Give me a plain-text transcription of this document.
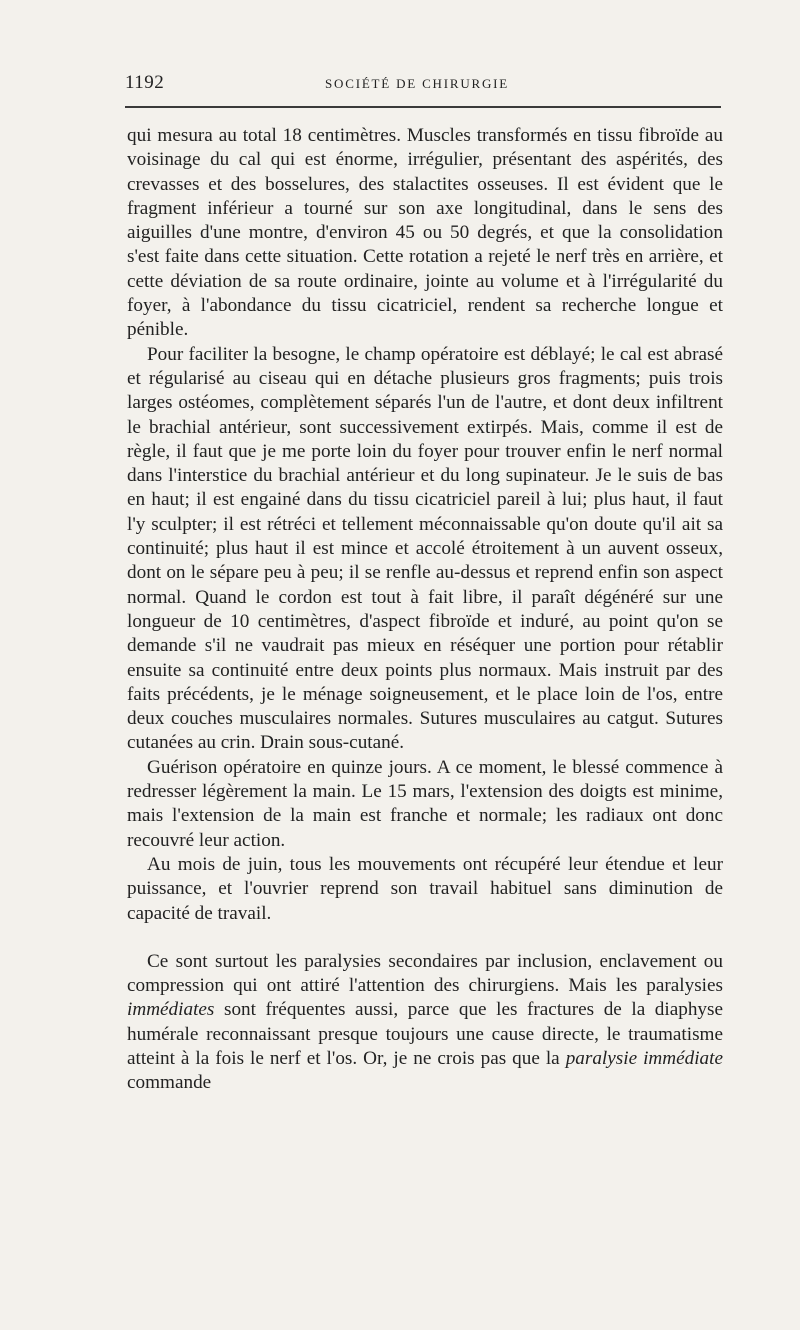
1192	SOCIÉTÉ DE CHIRURGIE

qui mesura au total 18 centimètres. Muscles transformés en tissu fibroïde au voisinage du cal qui est énorme, irrégulier, présentant des aspérités, des crevasses et des bosselures, des stalactites osseuses. Il est évident que le fragment inférieur a tourné sur son axe longitudinal, dans le sens des aiguilles d'une montre, d'environ 45 ou 50 degrés, et que la consolidation s'est faite dans cette situation. Cette rotation a rejeté le nerf très en arrière, et cette déviation de sa route ordinaire, jointe au volume et à l'irrégularité du foyer, à l'abondance du tissu cicatriciel, rendent sa recherche longue et pénible.

Pour faciliter la besogne, le champ opératoire est déblayé; le cal est abrasé et régularisé au ciseau qui en détache plusieurs gros fragments; puis trois larges ostéomes, complètement séparés l'un de l'autre, et dont deux infiltrent le brachial antérieur, sont successivement extirpés. Mais, comme il est de règle, il faut que je me porte loin du foyer pour trouver enfin le nerf normal dans l'interstice du brachial antérieur et du long supinateur. Je le suis de bas en haut; il est engainé dans du tissu cicatriciel pareil à lui; plus haut, il faut l'y sculpter; il est rétréci et tellement méconnaissable qu'on doute qu'il ait sa continuité; plus haut il est mince et accolé étroitement à un auvent osseux, dont on le sépare peu à peu; il se renfle au-dessus et reprend enfin son aspect normal. Quand le cordon est tout à fait libre, il paraît dégénéré sur une longueur de 10 centimètres, d'aspect fibroïde et induré, au point qu'on se demande s'il ne vaudrait pas mieux en réséquer une portion pour rétablir ensuite sa continuité entre deux points plus normaux. Mais instruit par des faits précédents, je le ménage soigneusement, et le place loin de l'os, entre deux couches musculaires normales. Sutures musculaires au catgut. Sutures cutanées au crin. Drain sous-cutané.

Guérison opératoire en quinze jours. A ce moment, le blessé commence à redresser légèrement la main. Le 15 mars, l'extension des doigts est minime, mais l'extension de la main est franche et normale; les radiaux ont donc recouvré leur action.

Au mois de juin, tous les mouvements ont récupéré leur étendue et leur puissance, et l'ouvrier reprend son travail habituel sans diminution de capacité de travail.

Ce sont surtout les paralysies secondaires par inclusion, enclavement ou compression qui ont attiré l'attention des chirurgiens. Mais les paralysies immédiates sont fréquentes aussi, parce que les fractures de la diaphyse humérale reconnaissant presque toujours une cause directe, le traumatisme atteint à la fois le nerf et l'os. Or, je ne crois pas que la paralysie immédiate commande
